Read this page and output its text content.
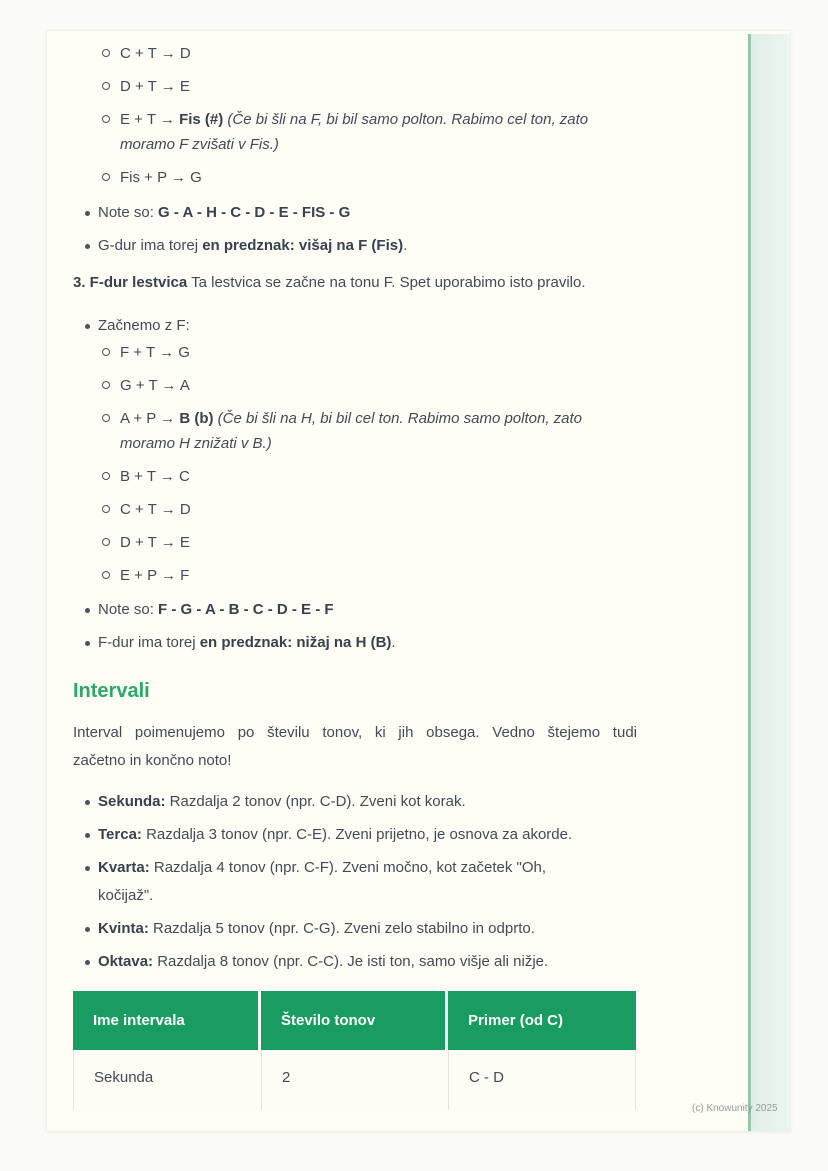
C + T → D
D + T → E
E + T → Fis (#) (Če bi šli na F, bi bil samo polton. Rabimo cel ton, zato
moramo F zvišati v Fis.)
Fis + P → G
Note so: G - A - H - C - D - E - FIS - G
G-dur ima torej en predznak: višaj na F (Fis).
3. F-dur lestvica Ta lestvica se začne na tonu F. Spet uporabimo isto pravilo.
Začnemo z F:
F + T → G
G + T → A
A + P → B (b) (Če bi šli na H, bi bil cel ton. Rabimo samo polton, zato
moramo H znižati v B.)
B + T → C
C + T → D
D + T → E
E + P → F
Note so: F - G - A - B - C - D - E - F
F-dur ima torej en predznak: nižaj na H (B).
Intervali
Interval poimenujemo po številu tonov, ki jih obsega. Vedno štejemo tudi
začetno in končno noto!
Sekunda: Razdalja 2 tonov (npr. C-D). Zveni kot korak.
Terca: Razdalja 3 tonov (npr. C-E). Zveni prijetno, je osnova za akorde.
Kvarta: Razdalja 4 tonov (npr. C-F). Zveni močno, kot začetek "Oh,
kočijaž".
Kvinta: Razdalja 5 tonov (npr. C-G). Zveni zelo stabilno in odprto.
Oktava: Razdalja 8 tonov (npr. C-C). Je isti ton, samo višje ali nižje.
Ime intervala	Število tonov	Primer (od C)
Sekunda	2	C - D
(c) Knowunity 2025
